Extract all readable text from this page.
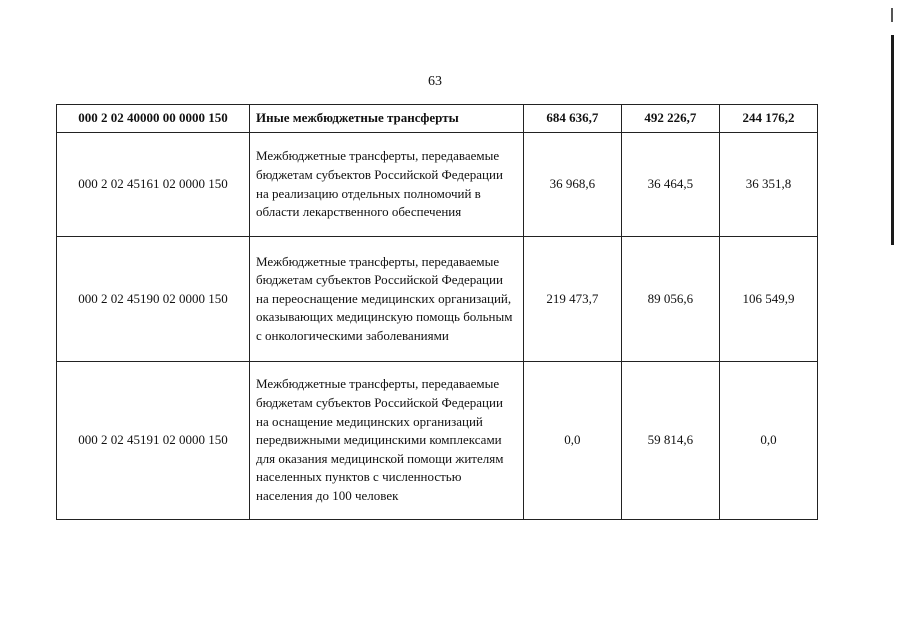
63
000 2 02 40000 00 0000 150	Иные межбюджетные трансферты	684 636,7	492 226,7	244 176,2
000 2 02 45161 02 0000 150	Межбюджетные трансферты, передаваемые бюджетам субъектов Российской Федерации на реализацию отдельных полномочий в области лекарственного обеспечения	36 968,6	36 464,5	36 351,8
000 2 02 45190 02 0000 150	Межбюджетные трансферты, передаваемые бюджетам субъектов Российской Федерации на переоснащение медицинских организаций, оказывающих медицинскую помощь больным с онкологическими заболеваниями	219 473,7	89 056,6	106 549,9
000 2 02 45191 02 0000 150	Межбюджетные трансферты, передаваемые бюджетам субъектов Российской Федерации на оснащение медицинских организаций передвижными медицинскими комплексами для оказания медицинской помощи жителям населенных пунктов с численностью населения до 100 человек	0,0	59 814,6	0,0
